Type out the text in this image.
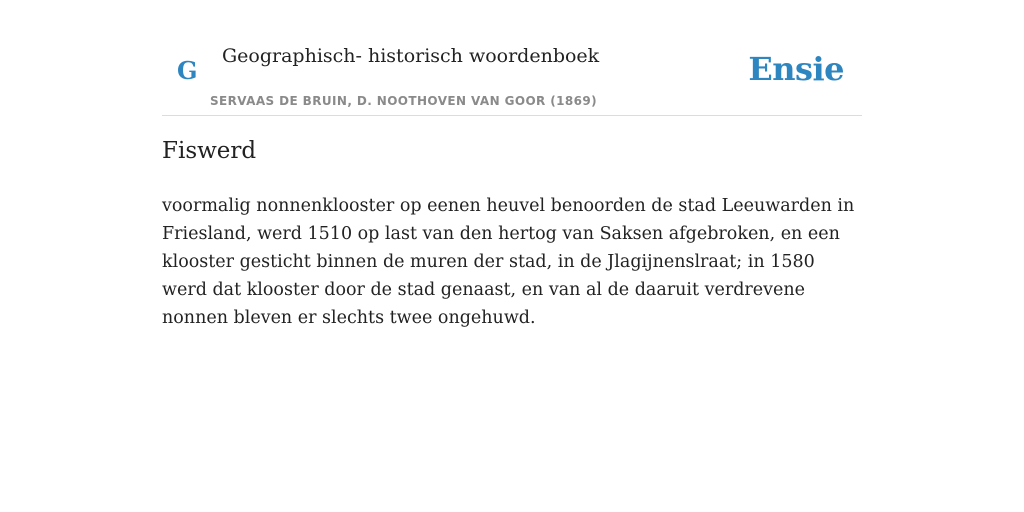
G Geographisch- historisch woordenboek
SERVAAS DE BRUIN, D. NOOTHOVEN VAN GOOR (1869)
Ensie
Fiswerd

voormalig nonnenklooster op eenen heuvel benoorden de stad Leeuwarden in Friesland, werd 1510 op last van den hertog van Saksen afgebroken, en een klooster gesticht binnen de muren der stad, in de Jlagijnenslraat; in 1580 werd dat klooster door de stad genaast, en van al de daaruit verdrevene nonnen bleven er slechts twee ongehuwd.
